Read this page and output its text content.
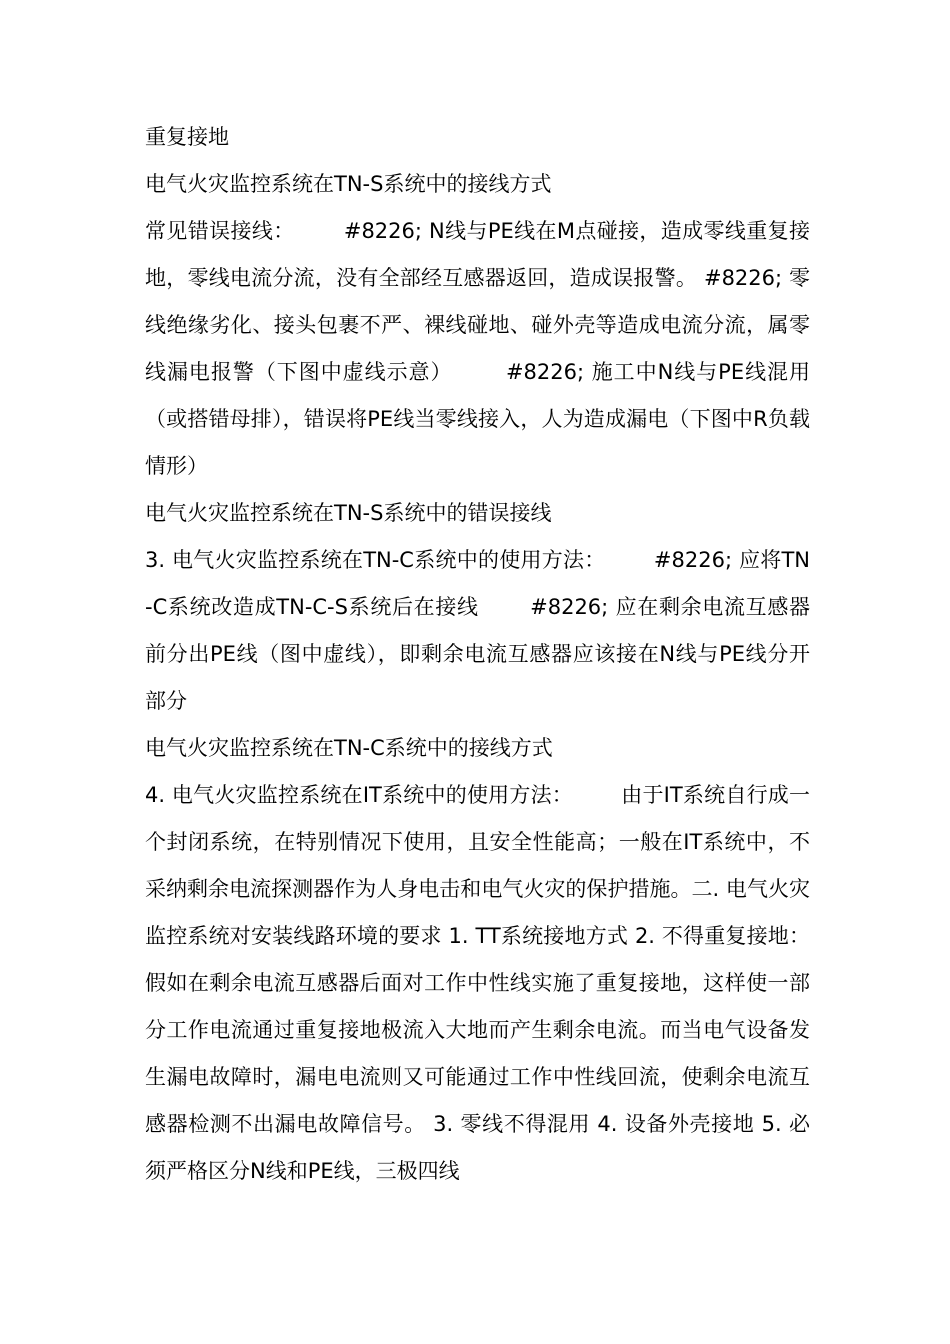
重复接地

电气火灾监控系统在TN-S系统中的接线方式

常见错误接线：       #8226; N线与PE线在M点碰接，造成零线重复接地，零线电流分流，没有全部经互感器返回，造成误报警。 #8226; 零线绝缘劣化、接头包裹不严、裸线碰地、碰外壳等造成电流分流，属零线漏电报警（下图中虚线示意）       #8226; 施工中N线与PE线混用（或搭错母排），错误将PE线当零线接入，人为造成漏电（下图中R负载情形）

电气火灾监控系统在TN-S系统中的错误接线

3. 电气火灾监控系统在TN-C系统中的使用方法：       #8226; 应将TN-C系统改造成TN-C-S系统后在接线       #8226; 应在剩余电流互感器前分出PE线（图中虚线），即剩余电流互感器应该接在N线与PE线分开部分

电气火灾监控系统在TN-C系统中的接线方式

4. 电气火灾监控系统在IT系统中的使用方法：       由于IT系统自行成一个封闭系统，在特别情况下使用，且安全性能高；一般在IT系统中，不采纳剩余电流探测器作为人身电击和电气火灾的保护措施。二. 电气火灾监控系统对安装线路环境的要求 1. TT系统接地方式 2. 不得重复接地：假如在剩余电流互感器后面对工作中性线实施了重复接地，这样使一部分工作电流通过重复接地极流入大地而产生剩余电流。而当电气设备发生漏电故障时，漏电电流则又可能通过工作中性线回流，使剩余电流互感器检测不出漏电故障信号。 3. 零线不得混用 4. 设备外壳接地 5. 必须严格区分N线和PE线，三极四线
